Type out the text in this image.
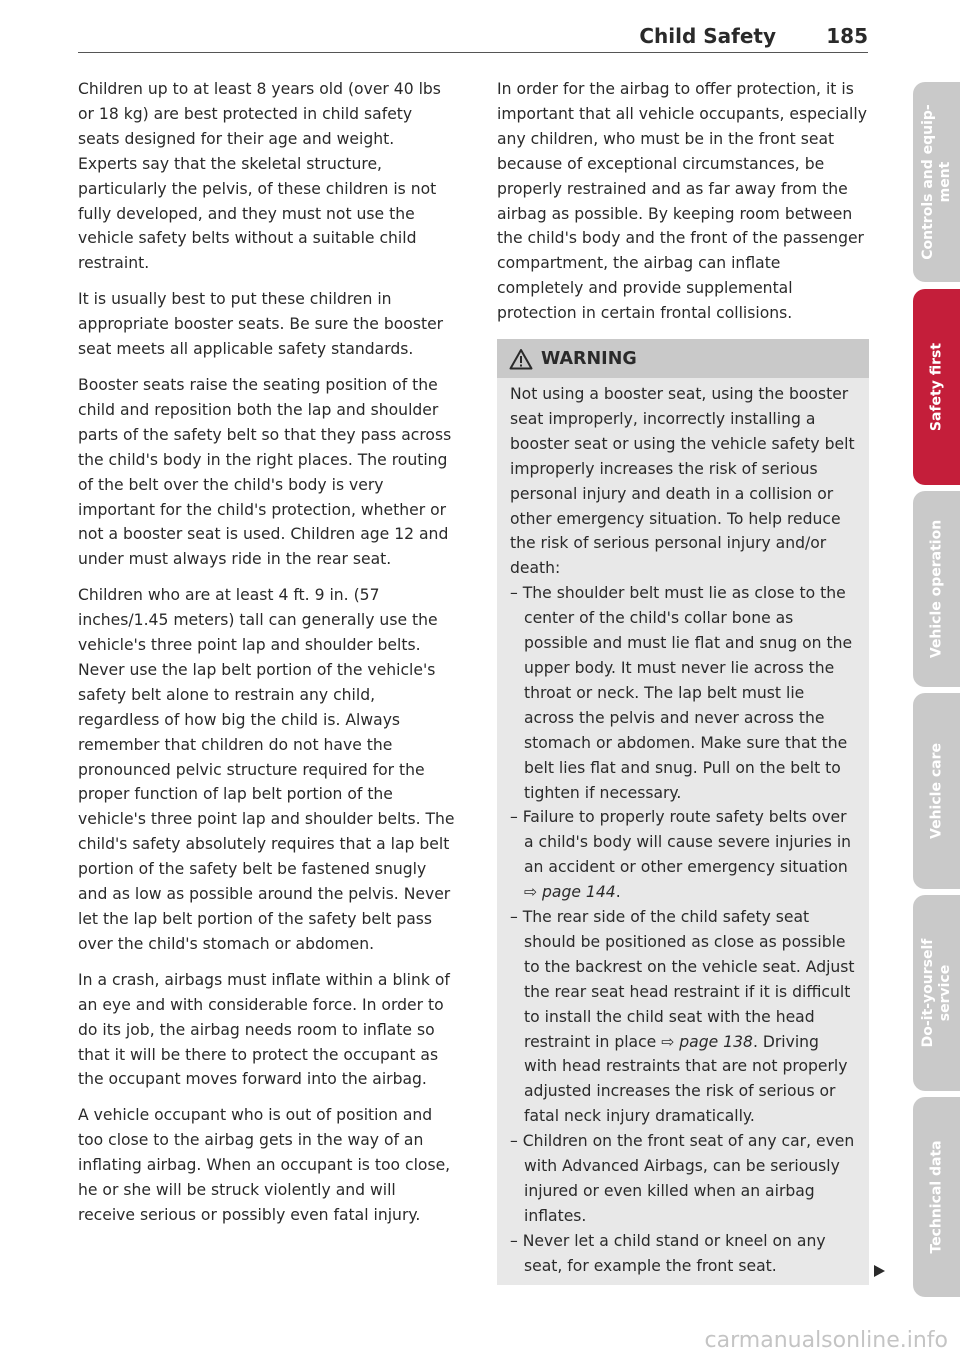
Child Safety	185

Children up to at least 8 years old (over 40 lbs or 18 kg) are best protected in child safety seats designed for their age and weight. Experts say that the skeletal structure, particularly the pelvis, of these children is not fully developed, and they must not use the vehicle safety belts without a suitable child restraint.

It is usually best to put these children in appropriate booster seats. Be sure the booster seat meets all applicable safety standards.

Booster seats raise the seating position of the child and reposition both the lap and shoulder parts of the safety belt so that they pass across the child's body in the right places. The routing of the belt over the child's body is very important for the child's protection, whether or not a booster seat is used. Children age 12 and under must always ride in the rear seat.

Children who are at least 4 ft. 9 in. (57 inches/1.45 meters) tall can generally use the vehicle's three point lap and shoulder belts. Never use the lap belt portion of the vehicle's safety belt alone to restrain any child, regardless of how big the child is. Always remember that children do not have the pronounced pelvic structure required for the proper function of lap belt portion of the vehicle's three point lap and shoulder belts. The child's safety absolutely requires that a lap belt portion of the safety belt be fastened snugly and as low as possible around the pelvis. Never let the lap belt portion of the safety belt pass over the child's stomach or abdomen.

In a crash, airbags must inflate within a blink of an eye and with considerable force. In order to do its job, the airbag needs room to inflate so that it will be there to protect the occupant as the occupant moves forward into the airbag.

A vehicle occupant who is out of position and too close to the airbag gets in the way of an inflating airbag. When an occupant is too close, he or she will be struck violently and will receive serious or possibly even fatal injury.

In order for the airbag to offer protection, it is important that all vehicle occupants, especially any children, who must be in the front seat because of exceptional circumstances, be properly restrained and as far away from the airbag as possible. By keeping room between the child's body and the front of the passenger compartment, the airbag can inflate completely and provide supplemental protection in certain frontal collisions.

WARNING

Not using a booster seat, using the booster seat improperly, incorrectly installing a booster seat or using the vehicle safety belt improperly increases the risk of serious personal injury and death in a collision or other emergency situation. To help reduce the risk of serious personal injury and/or death:

– The shoulder belt must lie as close to the center of the child's collar bone as possible and must lie flat and snug on the upper body. It must never lie across the throat or neck. The lap belt must lie across the pelvis and never across the stomach or abdomen. Make sure that the belt lies flat and snug. Pull on the belt to tighten if necessary.
– Failure to properly route safety belts over a child's body will cause severe injuries in an accident or other emergency situation ⇨ page 144.
– The rear side of the child safety seat should be positioned as close as possible to the backrest on the vehicle seat. Adjust the rear seat head restraint if it is difficult to install the child seat with the head restraint in place ⇨ page 138. Driving with head restraints that are not properly adjusted increases the risk of serious or fatal neck injury dramatically.
– Children on the front seat of any car, even with Advanced Airbags, can be seriously injured or even killed when an airbag inflates.
– Never let a child stand or kneel on any seat, for example the front seat.
Controls and equip-
ment
Safety first
Vehicle operation
Vehicle care
Do-it-yourself
service
Technical data
carmanualsonline.info
